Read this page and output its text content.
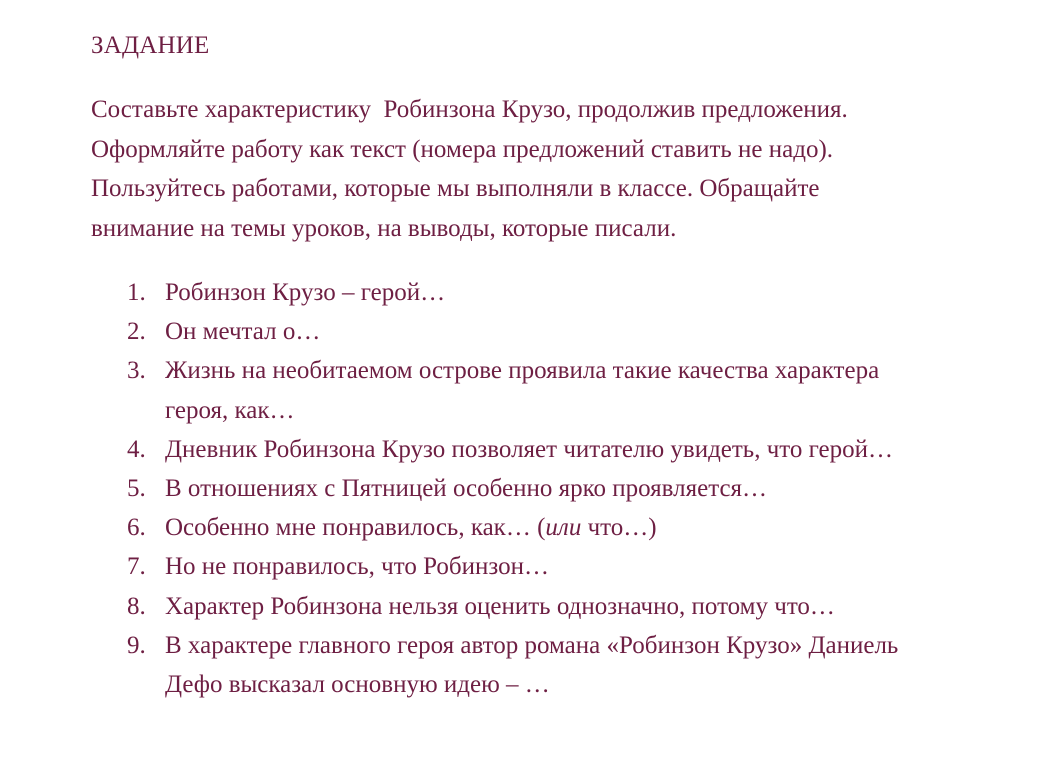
ЗАДАНИЕ

Составьте характеристику  Робинзона Крузо, продолжив предложения.
Оформляйте работу как текст (номера предложений ставить не надо).
Пользуйтесь работами, которые мы выполняли в классе. Обращайте
внимание на темы уроков, на выводы, которые писали.

1. Робинзон Крузо – герой…
2. Он мечтал о…
3. Жизнь на необитаемом острове проявила такие качества характера
героя, как…
4. Дневник Робинзона Крузо позволяет читателю увидеть, что герой…
5. В отношениях с Пятницей особенно ярко проявляется…
6. Особенно мне понравилось, как… (или что…)
7. Но не понравилось, что Робинзон…
8. Характер Робинзона нельзя оценить однозначно, потому что…
9. В характере главного героя автор романа «Робинзон Крузо» Даниель
Дефо высказал основную идею – …
